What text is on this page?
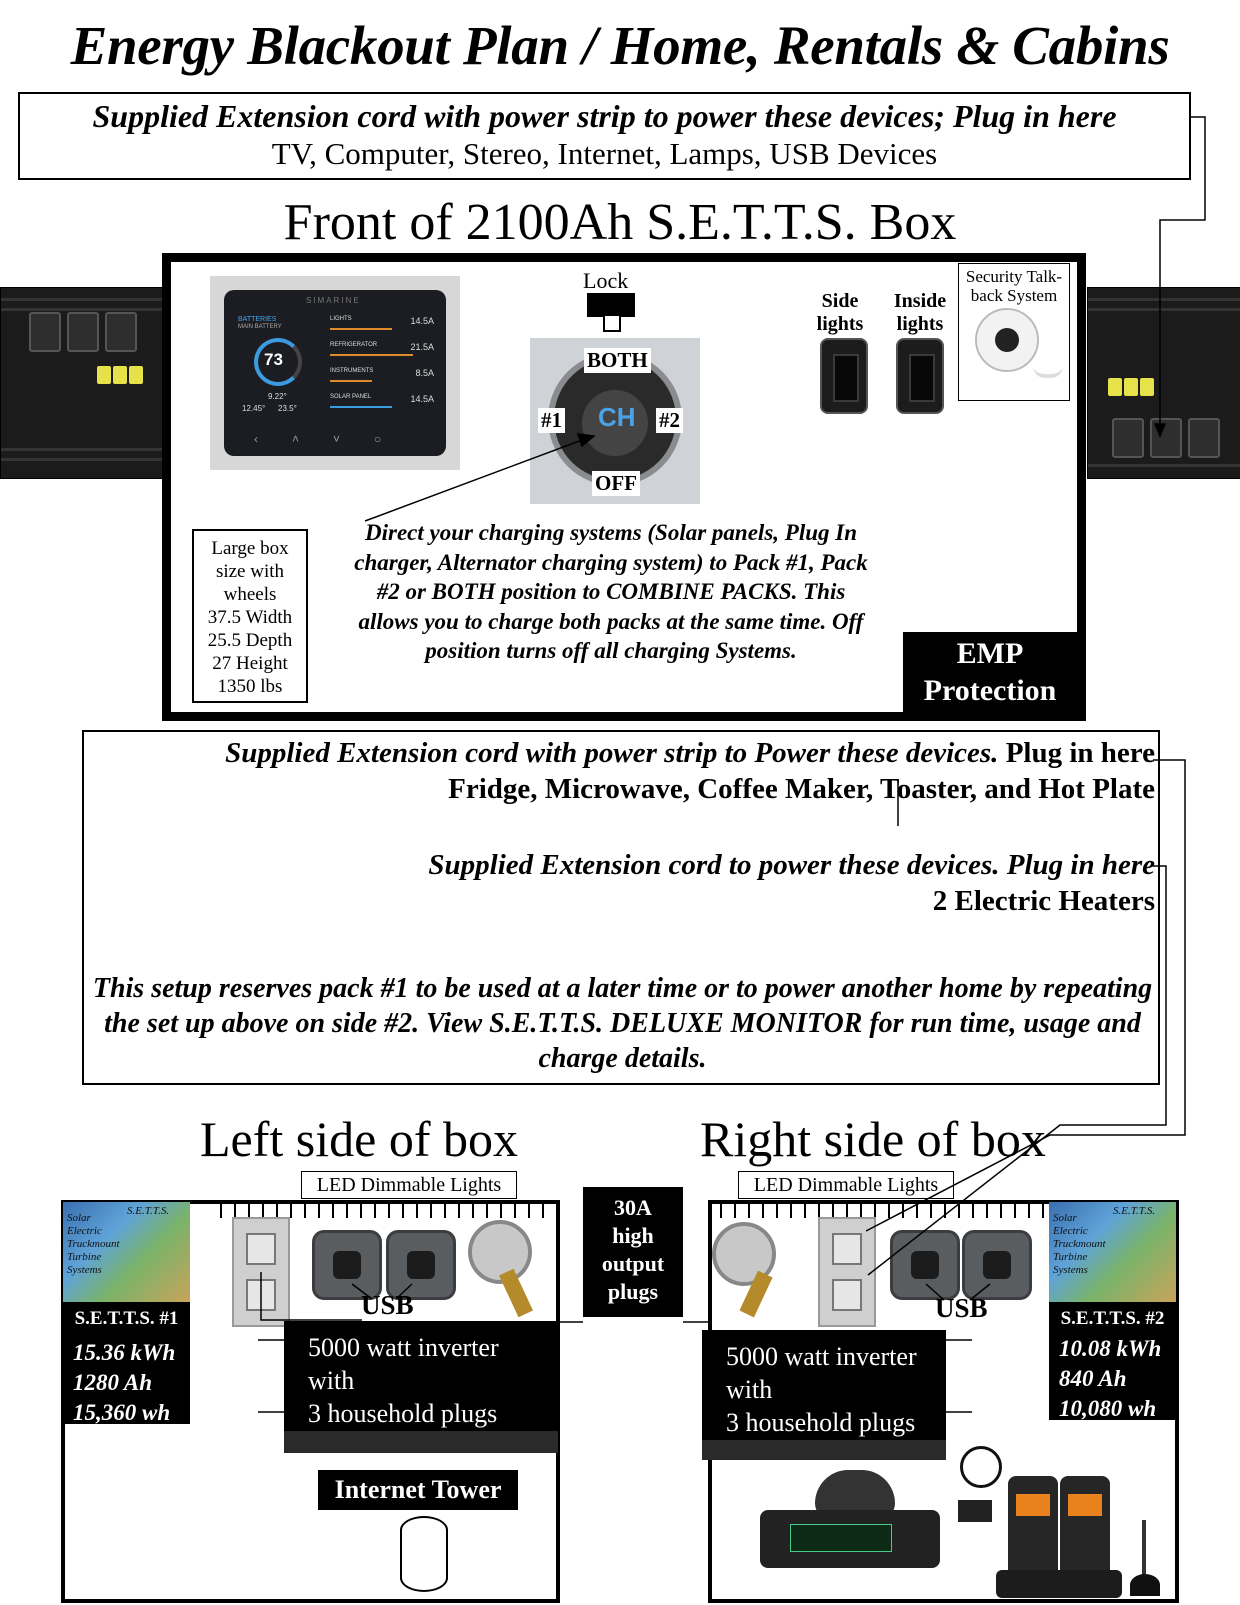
Energy Blackout Plan / Home, Rentals & Cabins
Supplied Extension cord with power strip to power these devices; Plug in here
TV, Computer, Stereo, Internet, Lamps, USB Devices
Front of 2100Ah S.E.T.T.S. Box
SIMARINE
BATTERIES
MAIN BATTERY
73
9.22°
12.45° 23.5°
LIGHTS	14.5A
REFRIGERATOR	21.5A
INSTRUMENTS	8.5A
SOLAR PANEL	14.5A
‹˄˅○
Lock
CH
BOTH
#1	#2
OFF
Side lights
Inside lights
Security Talk-back System
Large box
size with
wheels
37.5 Width
25.5 Depth
27 Height
1350 lbs
Direct your charging systems (Solar panels, Plug In charger, Alternator charging system) to Pack #1, Pack #2 or BOTH position to COMBINE PACKS. This allows you to charge both packs at the same time. Off position turns off all charging Systems.	EMP
Protection
Supplied Extension cord with power strip to Power these devices. Plug in here
Fridge, Microwave, Coffee Maker, Toaster, and Hot Plate
Supplied Extension cord to power these devices. Plug in here
2 Electric Heaters
This setup reserves pack #1 to be used at a later time or to power another home by repeating the set up above on side #2. View S.E.T.T.S. DELUXE MONITOR for run time, usage and charge details.
Left side of box	Right side of box
LED Dimmable Lights	LED Dimmable Lights
30A
high
output
plugs
S.E.T.T.S.
Solar
Electric
Truckmount
Turbine
Systems
S.E.T.T.S. #1
15.36 kWh
1280 Ah
15,360 wh
USB
5000 watt inverter
with
3 household plugs
Internet Tower
USB
S.E.T.T.S.
Solar
Electric
Truckmount
Turbine
Systems
S.E.T.T.S. #2
10.08 kWh
840 Ah
10,080 wh
5000 watt inverter
with
3 household plugs
